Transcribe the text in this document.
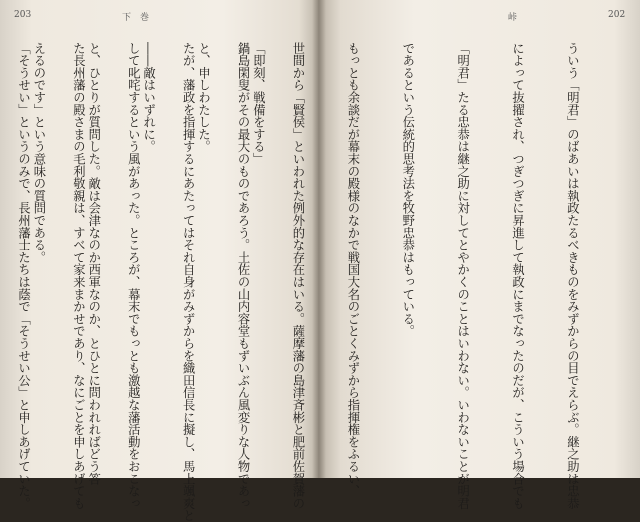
203	下　巻

「即刻、戦備をする」

と、申しわたした。

――敵はいずれに。

と、ひとりが質問した。敵は会津なのか西軍なのか、とひとに問われればどう答

えるのです」という意味の質問である。

峠	202

ういう「明君」のばあいは執政たるべきものをみずからの目でえらぶ。継之助は忠恭

によって抜擢され、つぎつぎに昇進して執政にまでなったのだが、こういう場合でも

「明君」たる忠恭は継之助に対してとやかくのことはいわない。いわないことが明君

であるという伝統的思考法を牧野忠恭はもっている。

もっとも余談だが幕末の殿様のなかで戦国大名のごとくみずから指揮権をふるい、

世間から「賢侯」といわれた例外的な存在はいる。薩摩藩の島津斉彬と肥前佐賀藩の

鍋島閑叟がその最大のものであろう。土佐の山内容堂もずいぶん風変りな人物であっ

たが、藩政を指揮するにあたってはそれ自身がみずからを織田信長に擬し、馬上颯爽と

して叱咤するという風があった。ところが、幕末でもっとも激越な藩活動をおこなっ

た長州藩の殿さまの毛利敬親は、すべて家来まかせであり、なにごとを申しあげても

「そうせい」というのみで、長州藩士たちは蔭で「そうせい公」と申しあげていた。
